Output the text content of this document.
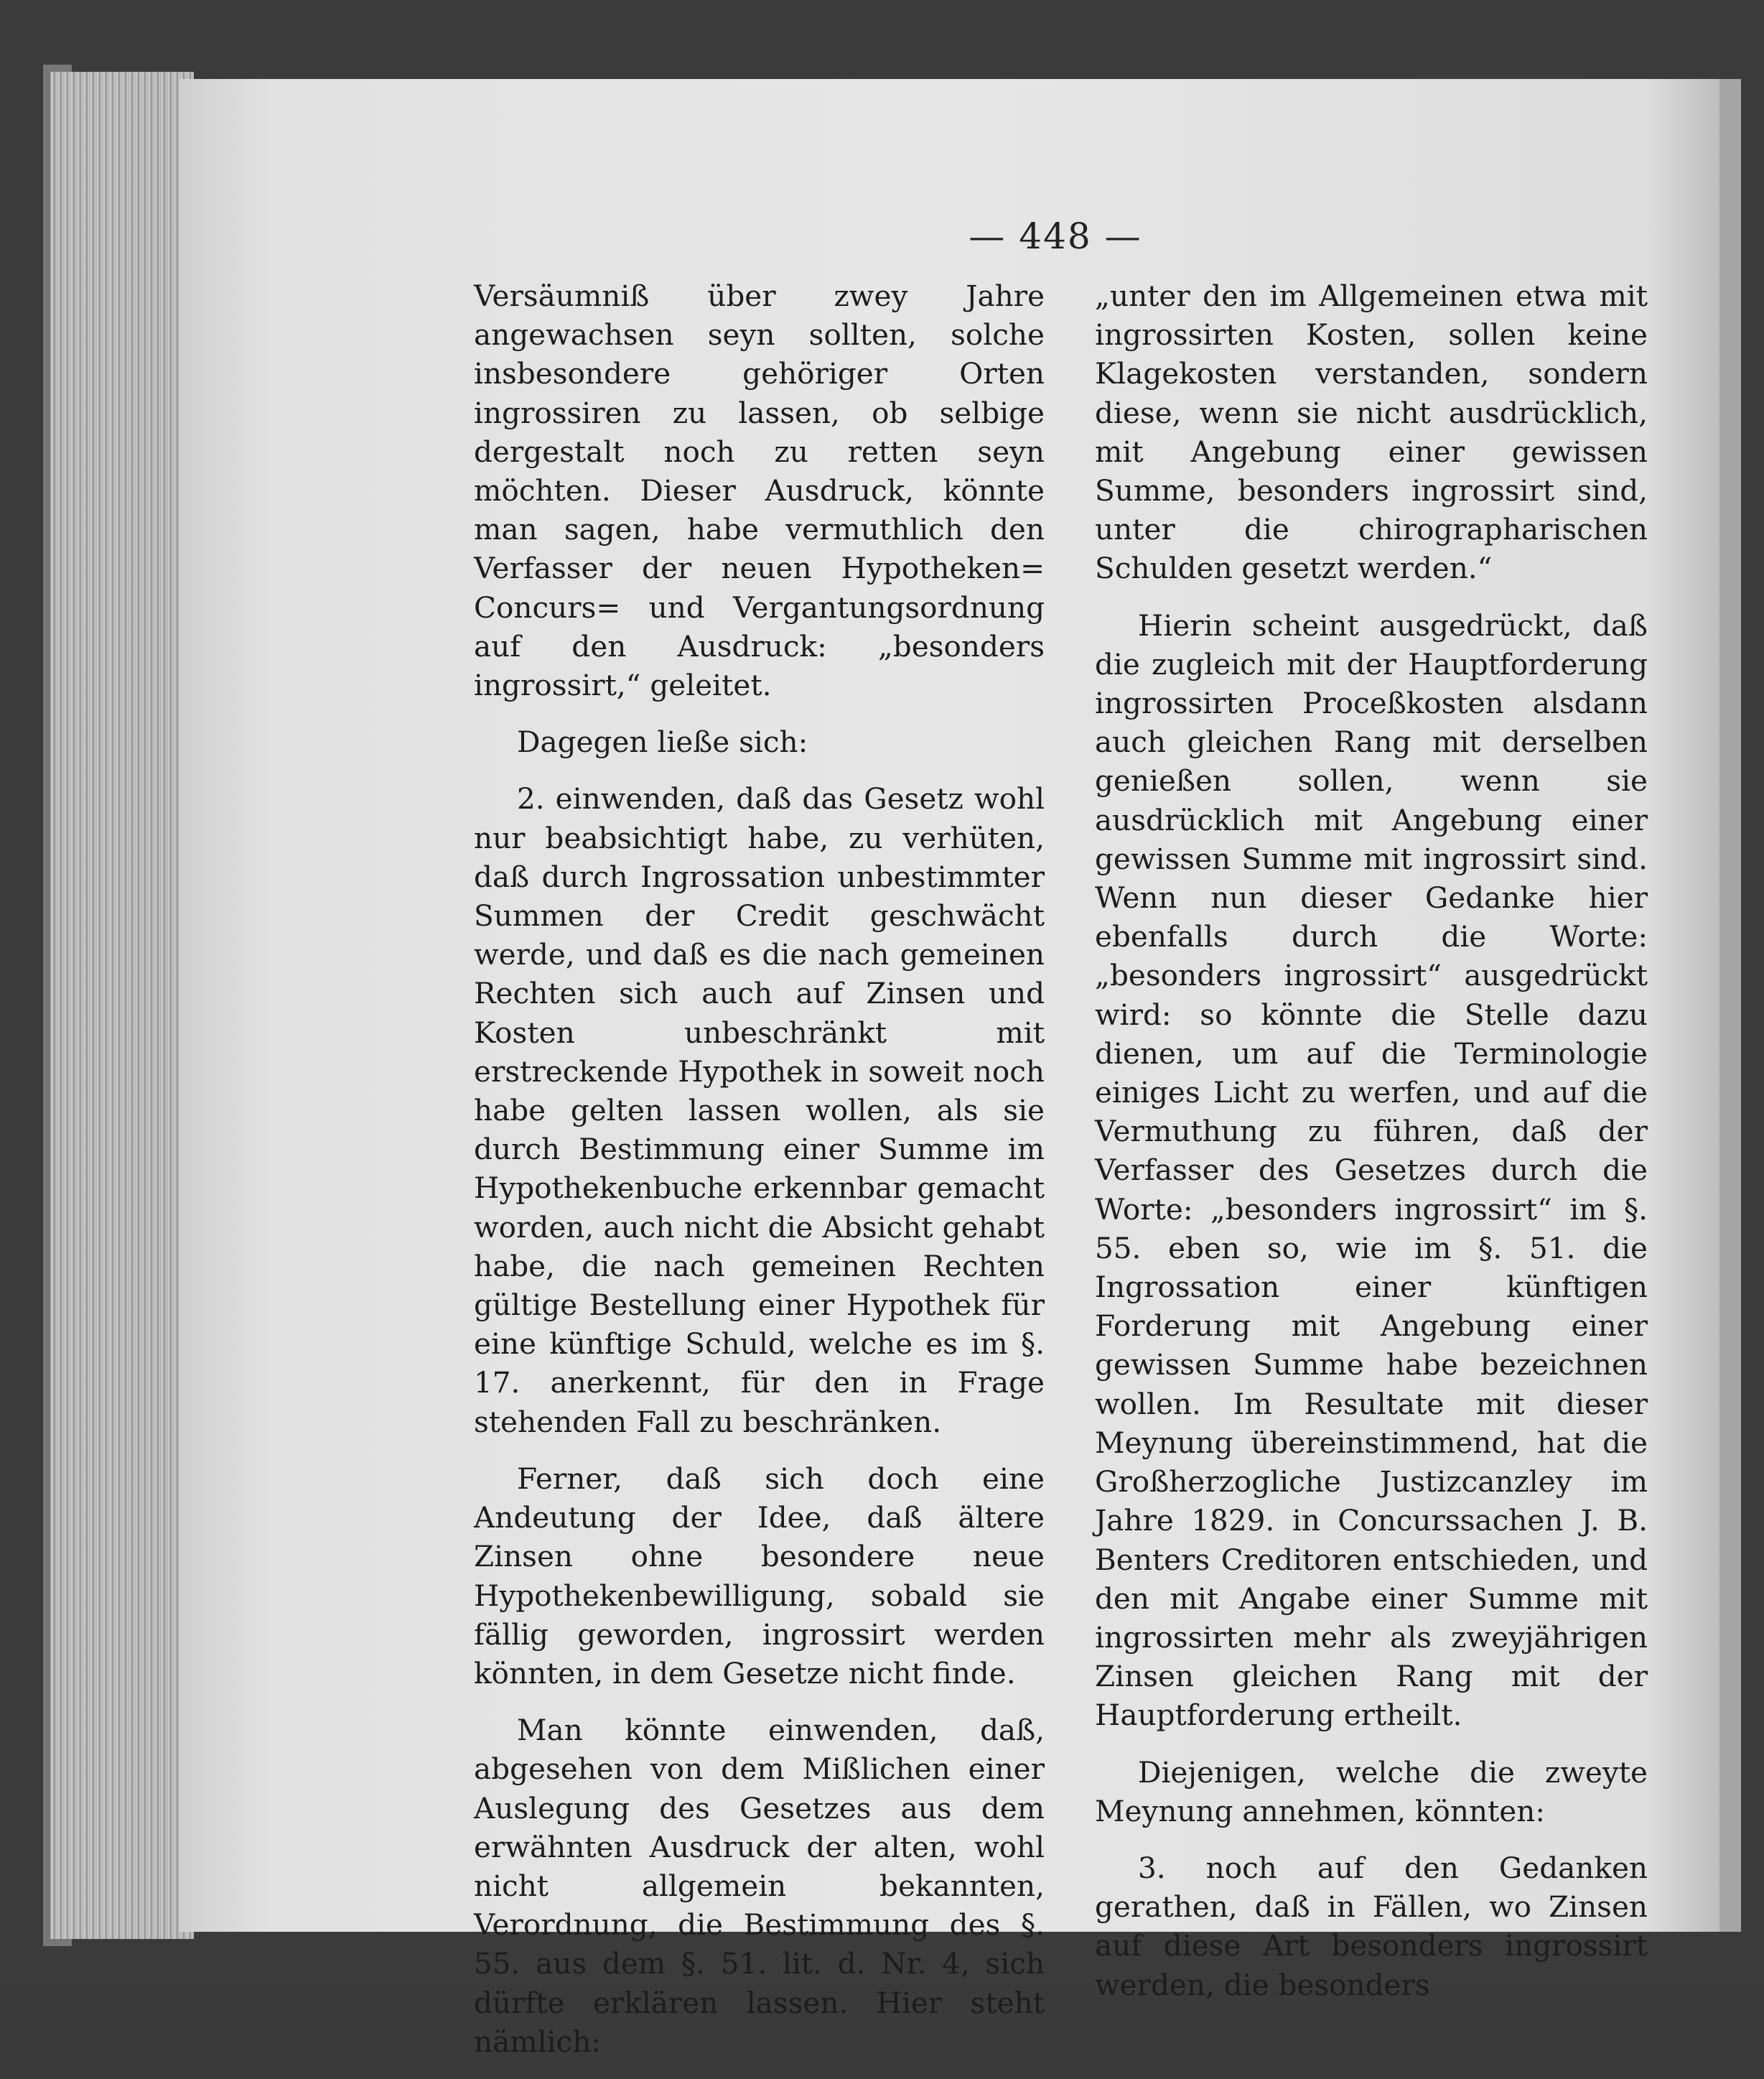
— 448 —

Versäumniß über zwey Jahre angewachsen seyn sollten, solche insbesondere gehöriger Orten ingrossiren zu lassen, ob selbige dergestalt noch zu retten seyn möchten. Dieser Ausdruck, könnte man sagen, habe vermuthlich den Verfasser der neuen Hypotheken= Concurs= und Vergantungsordnung auf den Ausdruck: „besonders ingrossirt,“ geleitet.

Dagegen ließe sich:

2. einwenden, daß das Gesetz wohl nur beabsichtigt habe, zu verhüten, daß durch Ingrossation unbestimmter Summen der Credit geschwächt werde, und daß es die nach gemeinen Rechten sich auch auf Zinsen und Kosten unbeschränkt mit erstreckende Hypothek in soweit noch habe gelten lassen wollen, als sie durch Bestimmung einer Summe im Hypothekenbuche erkennbar gemacht worden, auch nicht die Absicht gehabt habe, die nach gemeinen Rechten gültige Bestellung einer Hypothek für eine künftige Schuld, welche es im §. 17. anerkennt, für den in Frage stehenden Fall zu beschränken.

Ferner, daß sich doch eine Andeutung der Idee, daß ältere Zinsen ohne besondere neue Hypothekenbewilligung, sobald sie fällig geworden, ingrossirt werden könnten, in dem Gesetze nicht finde.

Man könnte einwenden, daß, abgesehen von dem Mißlichen einer Auslegung des Gesetzes aus dem erwähnten Ausdruck der alten, wohl nicht allgemein bekannten, Verordnung, die Bestimmung des §. 55. aus dem §. 51. lit. d. Nr. 4, sich dürfte erklären lassen. Hier steht nämlich:

„unter den im Allgemeinen etwa mit ingrossirten Kosten, sollen keine Klagekosten verstanden, sondern diese, wenn sie nicht ausdrücklich, mit Angebung einer gewissen Summe, besonders ingrossirt sind, unter die chirographarischen Schulden gesetzt werden.“

Hierin scheint ausgedrückt, daß die zugleich mit der Hauptforderung ingrossirten Proceßkosten alsdann auch gleichen Rang mit derselben genießen sollen, wenn sie ausdrücklich mit Angebung einer gewissen Summe mit ingrossirt sind. Wenn nun dieser Gedanke hier ebenfalls durch die Worte: „besonders ingrossirt“ ausgedrückt wird: so könnte die Stelle dazu dienen, um auf die Terminologie einiges Licht zu werfen, und auf die Vermuthung zu führen, daß der Verfasser des Gesetzes durch die Worte: „besonders ingrossirt“ im §. 55. eben so, wie im §. 51. die Ingrossation einer künftigen Forderung mit Angebung einer gewissen Summe habe bezeichnen wollen. Im Resultate mit dieser Meynung übereinstimmend, hat die Großherzogliche Justizcanzley im Jahre 1829. in Concurssachen J. B. Benters Creditoren entschieden, und den mit Angabe einer Summe mit ingrossirten mehr als zweyjährigen Zinsen gleichen Rang mit der Hauptforderung ertheilt.

Diejenigen, welche die zweyte Meynung annehmen, könnten:

3. noch auf den Gedanken gerathen, daß in Fällen, wo Zinsen auf diese Art besonders ingrossirt werden, die besonders
